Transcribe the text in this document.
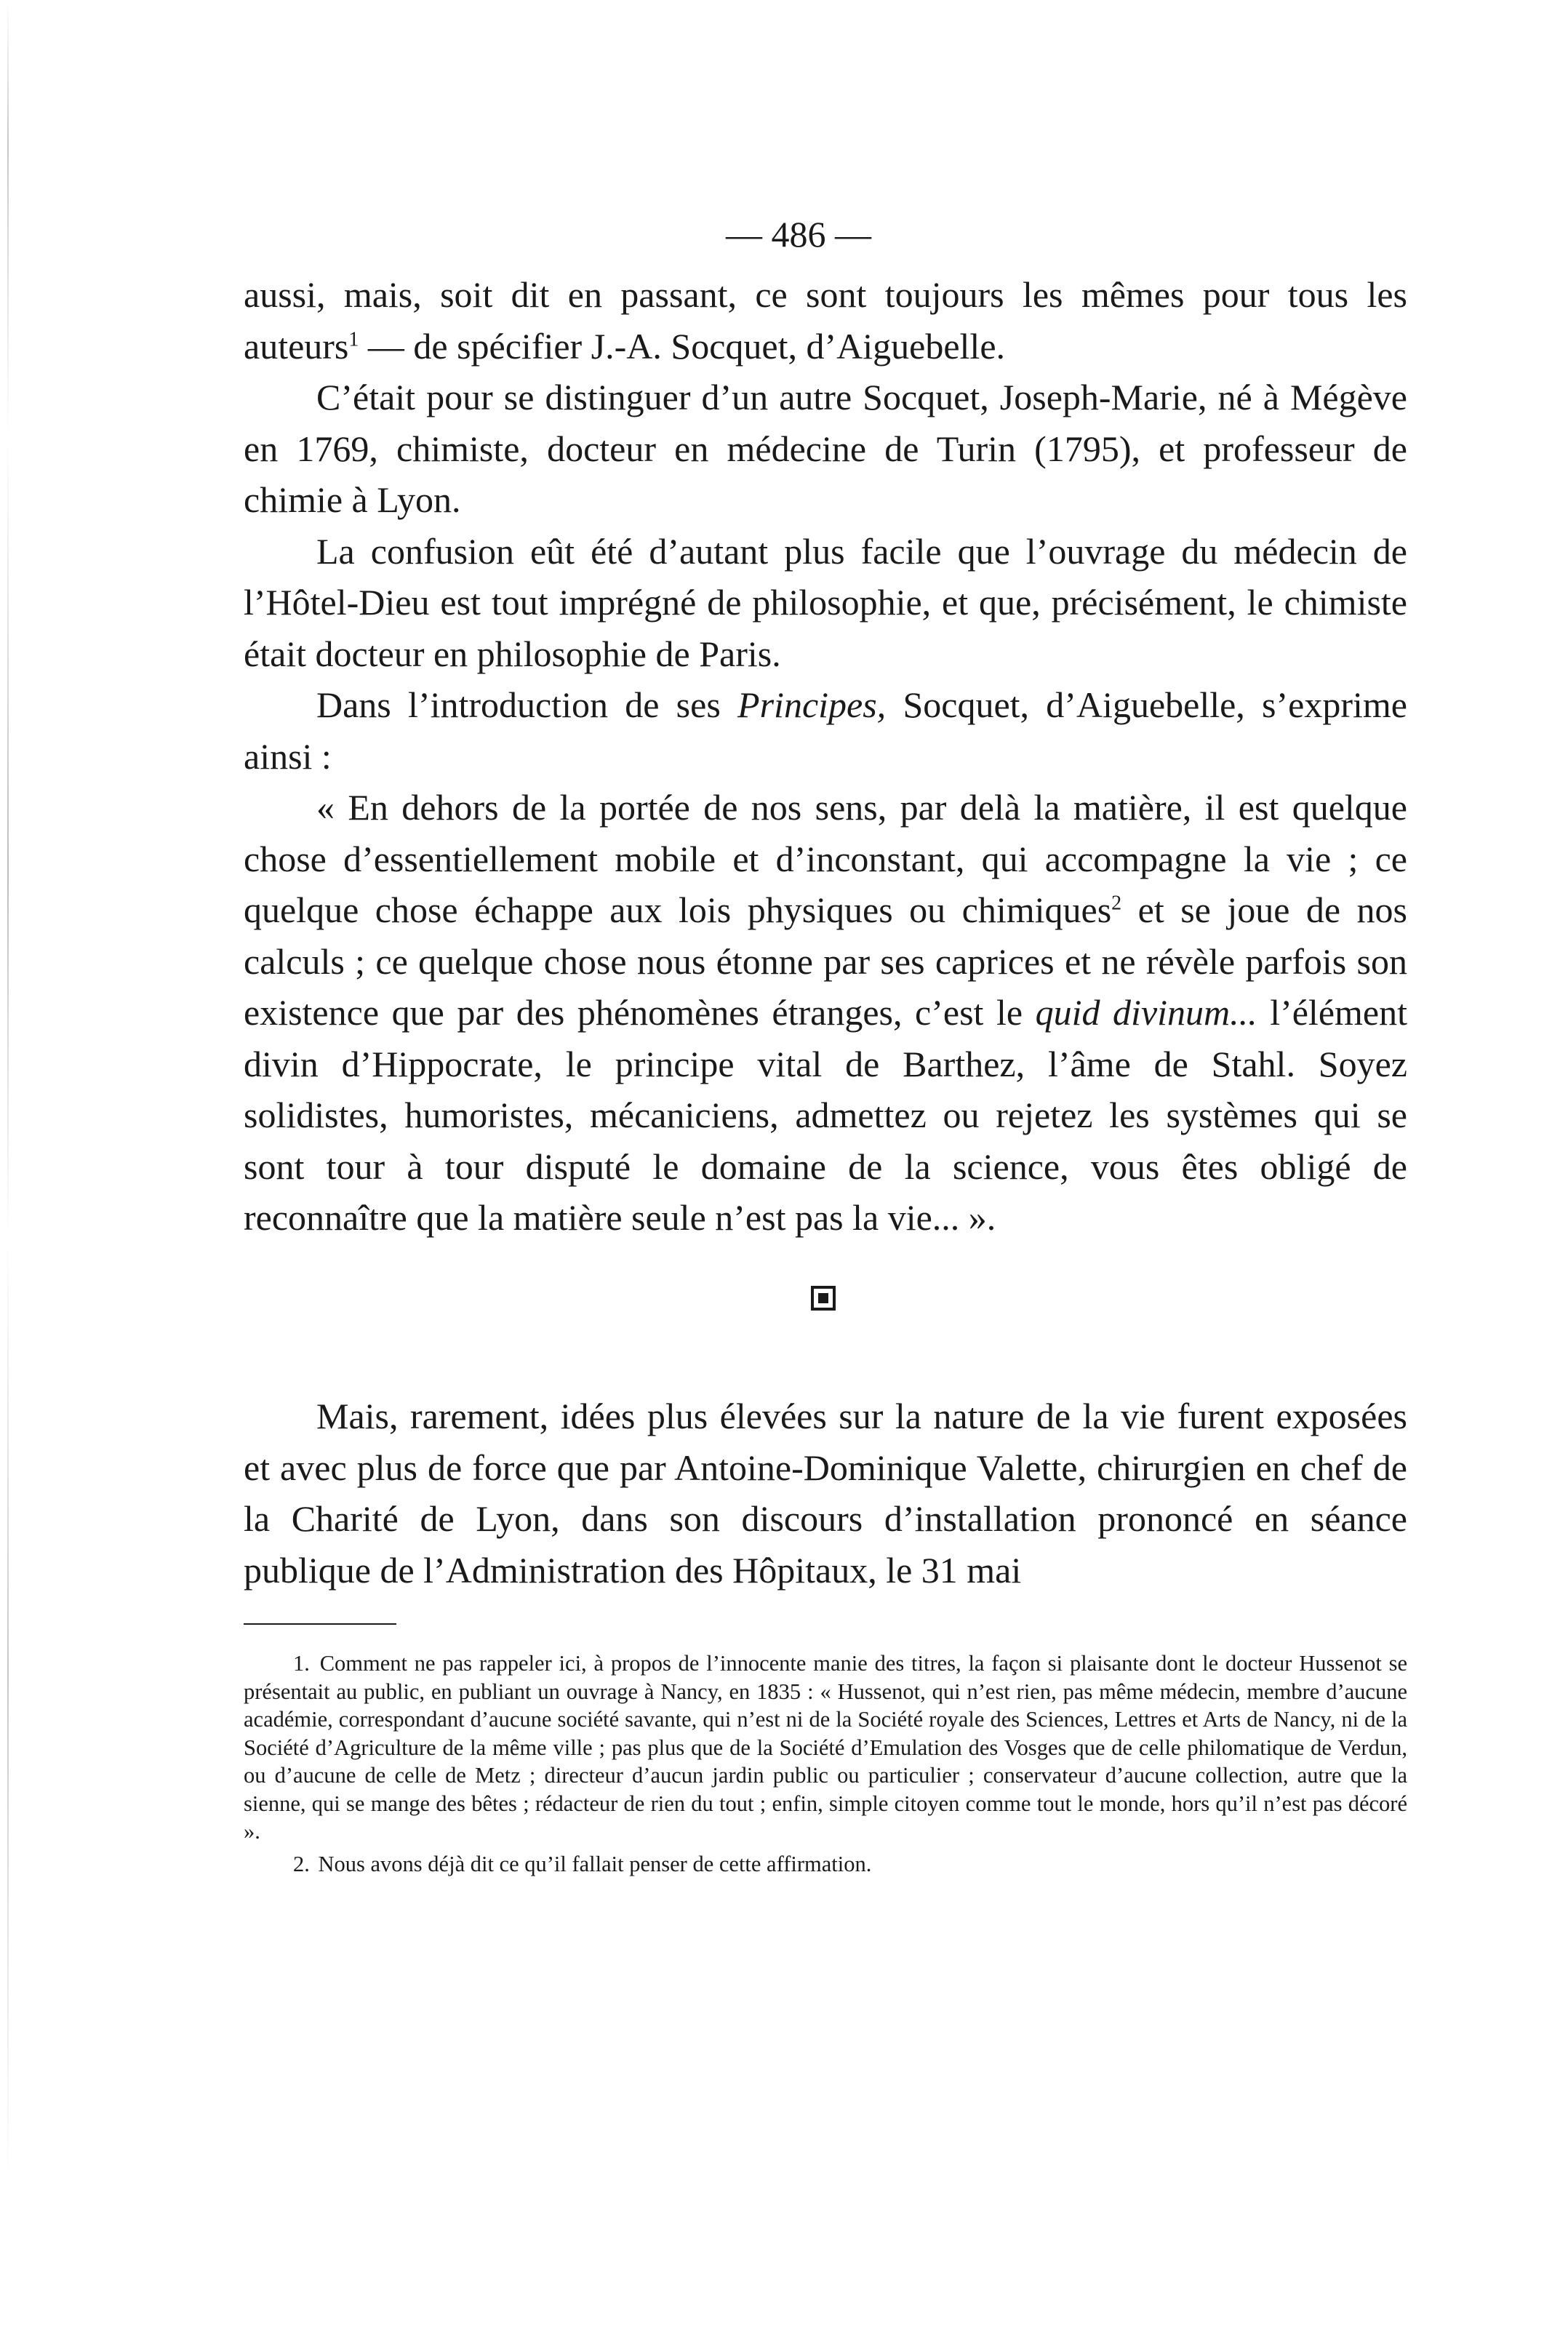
— 486 —

aussi, mais, soit dit en passant, ce sont toujours les mêmes pour tous les auteurs$^1$ — de spécifier J.-A. Socquet, d’Aiguebelle.

C’était pour se distinguer d’un autre Socquet, Joseph-Marie, né à Mégève en 1769, chimiste, docteur en médecine de Turin (1795), et professeur de chimie à Lyon.

La confusion eût été d’autant plus facile que l’ouvrage du médecin de l’Hôtel-Dieu est tout imprégné de philosophie, et que, précisément, le chimiste était docteur en philosophie de Paris.

Dans l’introduction de ses Principes, Socquet, d’Aiguebelle, s’exprime ainsi :

« En dehors de la portée de nos sens, par delà la matière, il est quelque chose d’essentiellement mobile et d’inconstant, qui accompagne la vie ; ce quelque chose échappe aux lois physiques ou chimiques$^2$ et se joue de nos calculs ; ce quelque chose nous étonne par ses caprices et ne révèle parfois son existence que par des phénomènes étranges, c’est le quid divinum... l’élément divin d’Hippocrate, le principe vital de Barthez, l’âme de Stahl. Soyez solidistes, humoristes, mécaniciens, admettez ou rejetez les systèmes qui se sont tour à tour disputé le domaine de la science, vous êtes obligé de reconnaître que la matière seule n’est pas la vie... ».

Mais, rarement, idées plus élevées sur la nature de la vie furent exposées et avec plus de force que par Antoine-Dominique Valette, chirurgien en chef de la Charité de Lyon, dans son discours d’installation prononcé en séance publique de l’Administration des Hôpitaux, le 31 mai

1. Comment ne pas rappeler ici, à propos de l’innocente manie des titres, la façon si plaisante dont le docteur Hussenot se présentait au public, en publiant un ouvrage à Nancy, en 1835 : « Hussenot, qui n’est rien, pas même médecin, membre d’aucune académie, correspondant d’aucune société savante, qui n’est ni de la Société royale des Sciences, Lettres et Arts de Nancy, ni de la Société d’Agriculture de la même ville ; pas plus que de la Société d’Emulation des Vosges que de celle philomatique de Verdun, ou d’aucune de celle de Metz ; directeur d’aucun jardin public ou particulier ; conservateur d’aucune collection, autre que la sienne, qui se mange des bêtes ; rédacteur de rien du tout ; enfin, simple citoyen comme tout le monde, hors qu’il n’est pas décoré ».

2. Nous avons déjà dit ce qu’il fallait penser de cette affirmation.
